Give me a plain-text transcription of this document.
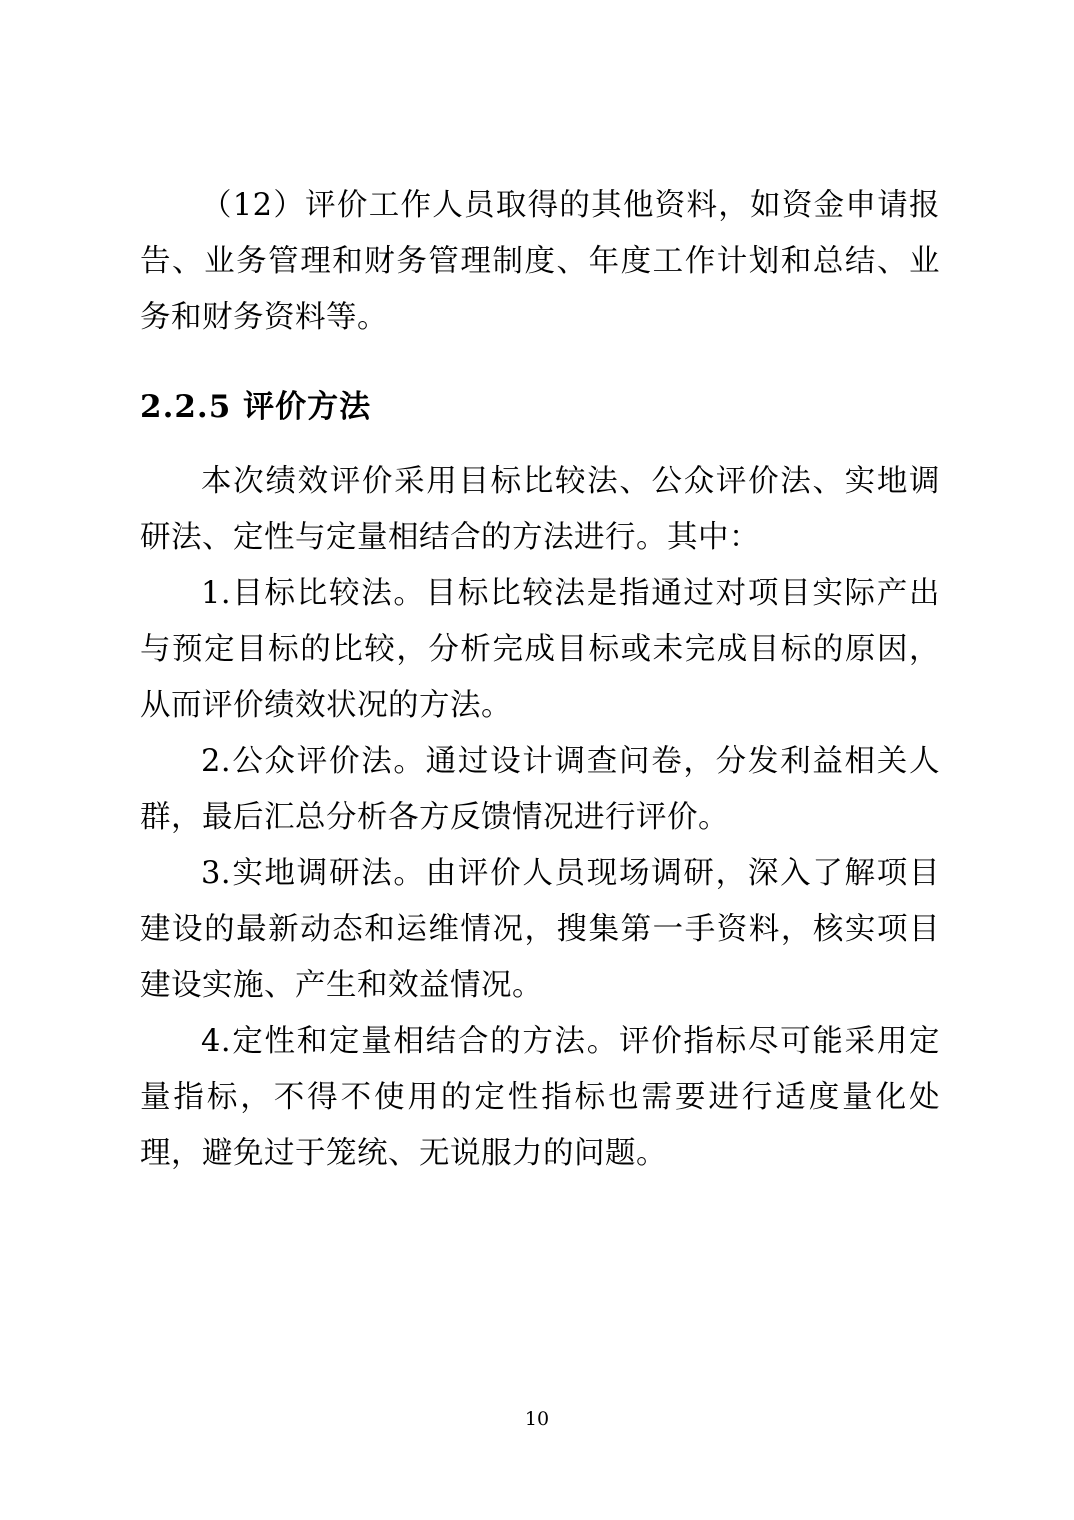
（12）评价工作人员取得的其他资料，如资金申请报告、业务管理和财务管理制度、年度工作计划和总结、业务和财务资料等。

2.2.5 评价方法

本次绩效评价采用目标比较法、公众评价法、实地调研法、定性与定量相结合的方法进行。其中：

1.目标比较法。目标比较法是指通过对项目实际产出与预定目标的比较，分析完成目标或未完成目标的原因，从而评价绩效状况的方法。

2.公众评价法。通过设计调查问卷，分发利益相关人群，最后汇总分析各方反馈情况进行评价。

3.实地调研法。由评价人员现场调研，深入了解项目建设的最新动态和运维情况，搜集第一手资料，核实项目建设实施、产生和效益情况。

4.定性和定量相结合的方法。评价指标尽可能采用定量指标，不得不使用的定性指标也需要进行适度量化处理，避免过于笼统、无说服力的问题。

10
